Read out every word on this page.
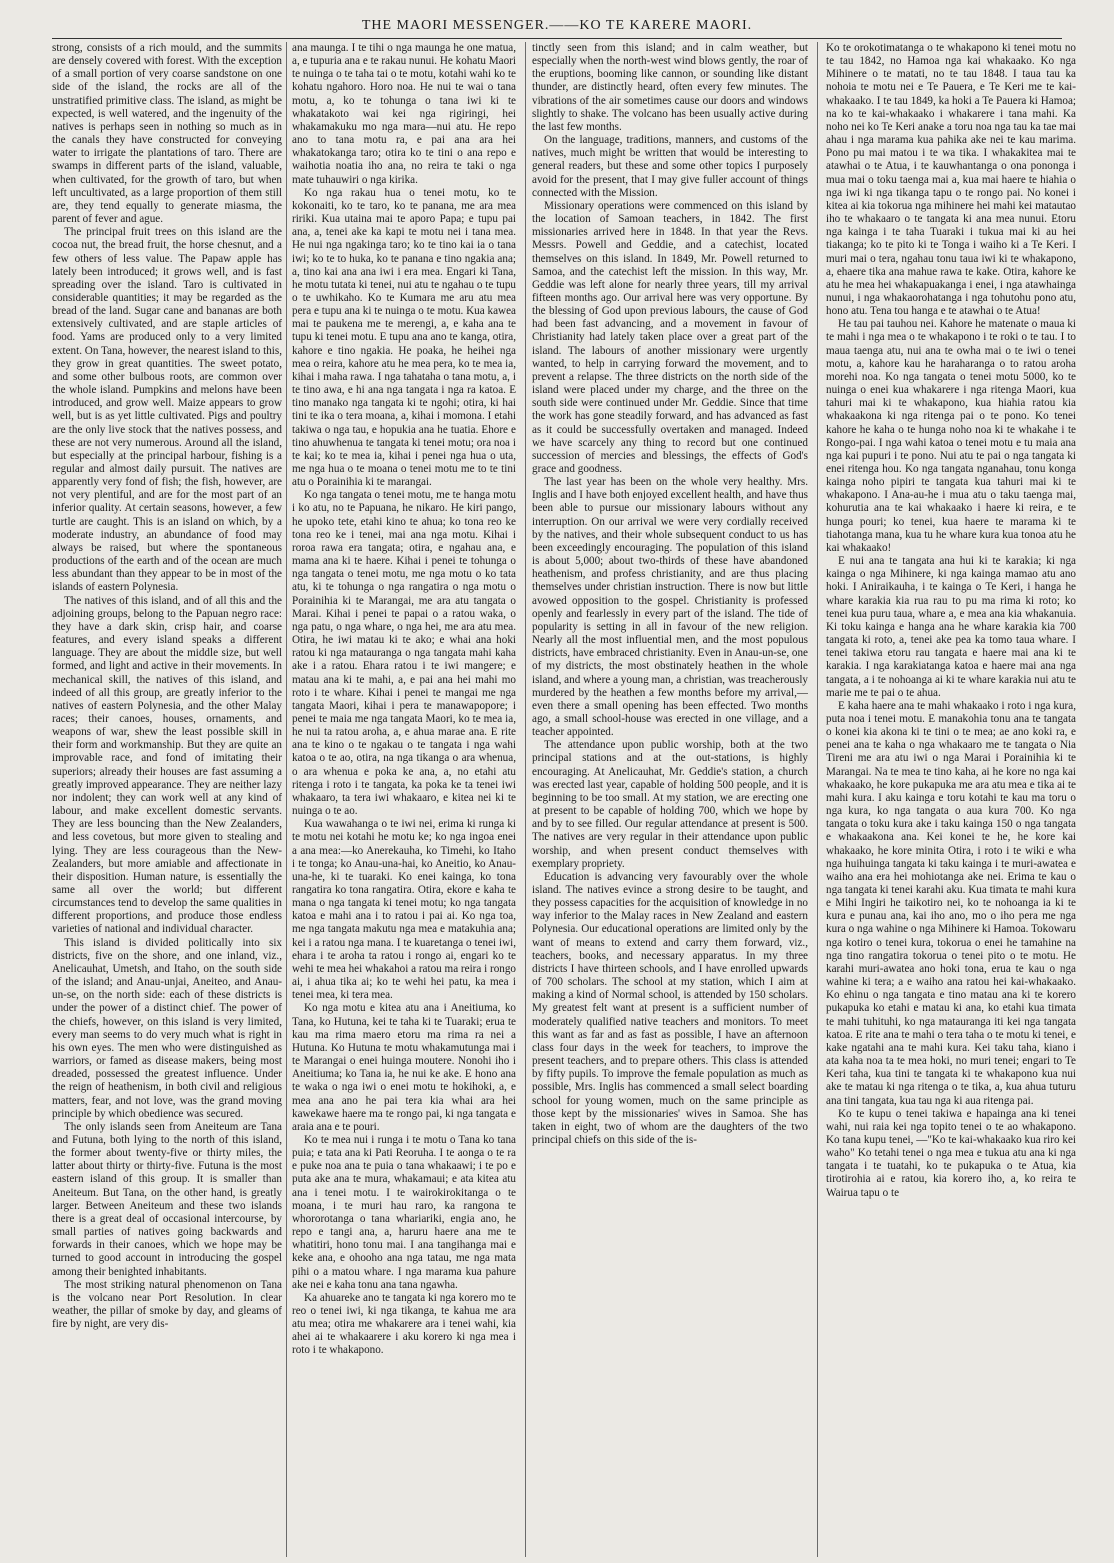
THE MAORI MESSENGER.——KO TE KARERE MAORI.

strong, consists of a rich mould, and the summits are densely covered with forest. With the exception of a small portion of very coarse sandstone on one side of the island, the rocks are all of the unstratified primitive class. The island, as might be expected, is well watered, and the ingenuity of the natives is perhaps seen in nothing so much as in the canals they have constructed for conveying water to irrigate the plantations of taro. There are swamps in different parts of the island, valuable, when cultivated, for the growth of taro, but when left uncultivated, as a large proportion of them still are, they tend equally to generate miasma, the parent of fever and ague.

The principal fruit trees on this island are the cocoa nut, the bread fruit, the horse chesnut, and a few others of less value. The Papaw apple has lately been introduced; it grows well, and is fast spreading over the island. Taro is cultivated in considerable quantities; it may be regarded as the bread of the land. Sugar cane and bananas are both extensively cultivated, and are staple articles of food. Yams are produced only to a very limited extent. On Tana, however, the nearest island to this, they grow in great quantities. The sweet potato, and some other bulbous roots, are common over the whole island. Pumpkins and melons have been introduced, and grow well. Maize appears to grow well, but is as yet little cultivated. Pigs and poultry are the only live stock that the natives possess, and these are not very numerous. Around all the island, but especially at the principal harbour, fishing is a regular and almost daily pursuit. The natives are apparently very fond of fish; the fish, however, are not very plentiful, and are for the most part of an inferior quality. At certain seasons, however, a few turtle are caught. This is an island on which, by a moderate industry, an abundance of food may always be raised, but where the spontaneous productions of the earth and of the ocean are much less abundant than they appear to be in most of the islands of eastern Polynesia.

The natives of this island, and of all this and the adjoining groups, belong to the Papuan negro race: they have a dark skin, crisp hair, and coarse features, and every island speaks a different language. They are about the middle size, but well formed, and light and active in their movements. In mechanical skill, the natives of this island, and indeed of all this group, are greatly inferior to the natives of eastern Polynesia, and the other Malay races; their canoes, houses, ornaments, and weapons of war, shew the least possible skill in their form and workmanship. But they are quite an improvable race, and fond of imitating their superiors; already their houses are fast assuming a greatly improved appearance. They are neither lazy nor indolent; they can work well at any kind of labour, and make excellent domestic servants. They are less bouncing than the New Zealanders, and less covetous, but more given to stealing and lying. They are less courageous than the New-Zealanders, but more amiable and affectionate in their disposition. Human nature, is essentially the same all over the world; but different circumstances tend to develop the same qualities in different proportions, and produce those endless varieties of national and individual character.

This island is divided politically into six districts, five on the shore, and one inland, viz., Anelicauhat, Umetsh, and Itaho, on the south side of the island; and Anau-unjai, Aneiteo, and Anau-un-se, on the north side: each of these districts is under the power of a distinct chief. The power of the chiefs, however, on this island is very limited, every man seems to do very much what is right in his own eyes. The men who were distinguished as warriors, or famed as disease makers, being most dreaded, possessed the greatest influence. Under the reign of heathenism, in both civil and religious matters, fear, and not love, was the grand moving principle by which obedience was secured.

The only islands seen from Aneiteum are Tana and Futuna, both lying to the north of this island, the former about twenty-five or thirty miles, the latter about thirty or thirty-five. Futuna is the most eastern island of this group. It is smaller than Aneiteum. But Tana, on the other hand, is greatly larger. Between Aneiteum and these two islands there is a great deal of occasional intercourse, by small parties of natives going backwards and forwards in their canoes, which we hope may be turned to good account in introducing the gospel among their benighted inhabitants.

The most striking natural phenomenon on Tana is the volcano near Port Resolution. In clear weather, the pillar of smoke by day, and gleams of fire by night, are very dis-

ana maunga. I te tihi o nga maunga he one matua, a, e tupuria ana e te rakau nunui. He kohatu Maori te nuinga o te taha tai o te motu, kotahi wahi ko te kohatu ngahoro. Horo noa. He nui te wai o tana motu, a, ko te tohunga o tana iwi ki te whakatakoto wai kei nga rigiringi, hei whakamakuku mo nga mara—nui atu. He repo ano to tana motu ra, e pai ana ara hei whakatokanga taro; otira ko te tini o ana repo e waihotia noatia iho ana, no reira te taki o nga mate tuhauwiri o nga kirika.

Ko nga rakau hua o tenei motu, ko te kokonaiti, ko te taro, ko te panana, me ara mea ririki. Kua utaina mai te aporo Papa; e tupu pai ana, a, tenei ake ka kapi te motu nei i tana mea. He nui nga ngakinga taro; ko te tino kai ia o tana iwi; ko te to huka, ko te panana e tino ngakia ana; a, tino kai ana ana iwi i era mea. Engari ki Tana, he motu tutata ki tenei, nui atu te ngahau o te tupu o te uwhikaho. Ko te Kumara me aru atu mea pera e tupu ana ki te nuinga o te motu. Kua kawea mai te paukena me te merengi, a, e kaha ana te tupu ki tenei motu. E tupu ana ano te kanga, otira, kahore e tino ngakia. He poaka, he heihei nga mea o reira, kahore atu he mea pera, ko te mea ia, kihai i maha rawa. I nga tahataha o tana motu, a, i te tino awa, e hi ana nga tangata i nga ra katoa. E tino manako nga tangata ki te ngohi; otira, ki hai tini te ika o tera moana, a, kihai i momona. I etahi takiwa o nga tau, e hopukia ana he tuatia. Ehore e tino ahuwhenua te tangata ki tenei motu; ora noa i te kai; ko te mea ia, kihai i penei nga hua o uta, me nga hua o te moana o tenei motu me to te tini atu o Porainihia ki te marangai.

Ko nga tangata o tenei motu, me te hanga motu i ko atu, no te Papuana, he nikaro. He kiri pango, he upoko tete, etahi kino te ahua; ko tona reo ke tona reo ke i tenei, mai ana nga motu. Kihai i roroa rawa era tangata; otira, e ngahau ana, e mama ana ki te haere. Kihai i penei te tohunga o nga tangata o tenei motu, me nga motu o ko tata atu, ki te tohunga o nga rangatira o nga motu o Porainihia ki te Marangai, me ara atu tangata o Marai. Kihai i penei te papai o a ratou waka, o nga patu, o nga whare, o nga hei, me ara atu mea. Otira, he iwi matau ki te ako; e whai ana hoki ratou ki nga matauranga o nga tangata mahi kaha ake i a ratou. Ehara ratou i te iwi mangere; e matau ana ki te mahi, a, e pai ana hei mahi mo roto i te whare. Kihai i penei te mangai me nga tangata Maori, kihai i pera te manawapopore; i penei te maia me nga tangata Maori, ko te mea ia, he nui ta ratou aroha, a, e ahua marae ana. E rite ana te kino o te ngakau o te tangata i nga wahi katoa o te ao, otira, na nga tikanga o ara whenua, o ara whenua e poka ke ana, a, no etahi atu ritenga i roto i te tangata, ka poka ke ta tenei iwi whakaaro, ta tera iwi whakaaro, e kitea nei ki te nuinga o te ao.

Kua wawahanga o te iwi nei, erima ki runga ki te motu nei kotahi he motu ke; ko nga ingoa enei a ana mea:—ko Anerekauha, ko Timehi, ko Itaho i te tonga; ko Anau-una-hai, ko Aneitio, ko Anau-una-he, ki te tuaraki. Ko enei kainga, ko tona rangatira ko tona rangatira. Otira, ekore e kaha te mana o nga tangata ki tenei motu; ko nga tangata katoa e mahi ana i to ratou i pai ai. Ko nga toa, me nga tangata makutu nga mea e matakuhia ana; kei i a ratou nga mana. I te kuaretanga o tenei iwi, ehara i te aroha ta ratou i rongo ai, engari ko te wehi te mea hei whakahoi a ratou ma reira i rongo ai, i ahua tika ai; ko te wehi hei patu, ka mea i tenei mea, ki tera mea.

Ko nga motu e kitea atu ana i Aneitiuma, ko Tana, ko Hutuna, kei te taha ki te Tuaraki; erua te kau ma rima maero etoru ma rima ra nei a Hutuna. Ko Hutuna te motu whakamutunga mai i te Marangai o enei huinga moutere. Nonohi iho i Aneitiuma; ko Tana ia, he nui ke ake. E hono ana te waka o nga iwi o enei motu te hokihoki, a, e mea ana ano he pai tera kia whai ara hei kawekawe haere ma te rongo pai, ki nga tangata e araia ana e te pouri.

Ko te mea nui i runga i te motu o Tana ko tana puia; e tata ana ki Pati Reoruha. I te aonga o te ra e puke noa ana te puia o tana whakaawi; i te po e puta ake ana te mura, whakamaui; e ata kitea atu ana i tenei motu. I te wairokirokitanga o te moana, i te muri hau raro, ka rangona te whororotanga o tana whariariki, engia ano, he repo e tangi ana, a, haruru haere ana me te whatitiri, hono tonu mai. I ana tangihanga mai e keke ana, e ohooho ana nga tatau, me nga mata pihi o a matou whare. I nga marama kua pahure ake nei e kaha tonu ana tana ngawha.

Ka ahuareke ano te tangata ki nga korero mo te reo o tenei iwi, ki nga tikanga, te kahua me ara atu mea; otira me whakarere ara i tenei wahi, kia ahei ai te whakaarere i aku korero ki nga mea i roto i te whakapono.

tinctly seen from this island; and in calm weather, but especially when the north-west wind blows gently, the roar of the eruptions, booming like cannon, or sounding like distant thunder, are distinctly heard, often every few minutes. The vibrations of the air sometimes cause our doors and windows slightly to shake. The volcano has been usually active during the last few months.

On the language, traditions, manners, and customs of the natives, much might be written that would be interesting to general readers, but these and some other topics I purposely avoid for the present, that I may give fuller account of things connected with the Mission.

Missionary operations were commenced on this island by the location of Samoan teachers, in 1842. The first missionaries arrived here in 1848. In that year the Revs. Messrs. Powell and Geddie, and a catechist, located themselves on this island. In 1849, Mr. Powell returned to Samoa, and the catechist left the mission. In this way, Mr. Geddie was left alone for nearly three years, till my arrival fifteen months ago. Our arrival here was very opportune. By the blessing of God upon previous labours, the cause of God had been fast advancing, and a movement in favour of Christianity had lately taken place over a great part of the island. The labours of another missionary were urgently wanted, to help in carrying forward the movement, and to prevent a relapse. The three districts on the north side of the island were placed under my charge, and the three on the south side were continued under Mr. Geddie. Since that time the work has gone steadily forward, and has advanced as fast as it could be successfully overtaken and managed. Indeed we have scarcely any thing to record but one continued succession of mercies and blessings, the effects of God's grace and goodness.

The last year has been on the whole very healthy. Mrs. Inglis and I have both enjoyed excellent health, and have thus been able to pursue our missionary labours without any interruption. On our arrival we were very cordially received by the natives, and their whole subsequent conduct to us has been exceedingly encouraging. The population of this island is about 5,000; about two-thirds of these have abandoned heathenism, and profess christianity, and are thus placing themselves under christian instruction. There is now but little avowed opposition to the gospel. Christianity is professed openly and fearlessly in every part of the island. The tide of popularity is setting in all in favour of the new religion. Nearly all the most influential men, and the most populous districts, have embraced christianity. Even in Anau-un-se, one of my districts, the most obstinately heathen in the whole island, and where a young man, a christian, was treacherously murdered by the heathen a few months before my arrival,—even there a small opening has been effected. Two months ago, a small school-house was erected in one village, and a teacher appointed.

The attendance upon public worship, both at the two principal stations and at the out-stations, is highly encouraging. At Anelicauhat, Mr. Geddie's station, a church was erected last year, capable of holding 500 people, and it is beginning to be too small. At my station, we are erecting one at present to be capable of holding 700, which we hope by and by to see filled. Our regular attendance at present is 500. The natives are very regular in their attendance upon public worship, and when present conduct themselves with exemplary propriety.

Education is advancing very favourably over the whole island. The natives evince a strong desire to be taught, and they possess capacities for the acquisition of knowledge in no way inferior to the Malay races in New Zealand and eastern Polynesia. Our educational operations are limited only by the want of means to extend and carry them forward, viz., teachers, books, and necessary apparatus. In my three districts I have thirteen schools, and I have enrolled upwards of 700 scholars. The school at my station, which I aim at making a kind of Normal school, is attended by 150 scholars. My greatest felt want at present is a sufficient number of moderately qualified native teachers and monitors. To meet this want as far and as fast as possible, I have an afternoon class four days in the week for teachers, to improve the present teachers, and to prepare others. This class is attended by fifty pupils. To improve the female population as much as possible, Mrs. Inglis has commenced a small select boarding school for young women, much on the same principle as those kept by the missionaries' wives in Samoa. She has taken in eight, two of whom are the daughters of the two principal chiefs on this side of the is-

Ko te orokotimatanga o te whakapono ki tenei motu no te tau 1842, no Hamoa nga kai whakaako. Ko nga Mihinere o te matati, no te tau 1848. I taua tau ka nohoia te motu nei e Te Pauera, e Te Keri me te kai-whakaako. I te tau 1849, ka hoki a Te Pauera ki Hamoa; na ko te kai-whakaako i whakarere i tana mahi. Ka noho nei ko Te Keri anake a toru noa nga tau ka tae mai ahau i nga marama kua pahika ake nei te kau marima. Pono pu mai matou i te wa tika. I whakakitea mai te atawhai o te Atua, i te kauwhantanga o ona pononga i mua mai o toku taenga mai a, kua mai haere te hiahia o nga iwi ki nga tikanga tapu o te rongo pai. No konei i kitea ai kia tokorua nga mihinere hei mahi kei matautao iho te whakaaro o te tangata ki ana mea nunui. Etoru nga kainga i te taha Tuaraki i tukua mai ki au hei tiakanga; ko te pito ki te Tonga i waiho ki a Te Keri. I muri mai o tera, ngahau tonu taua iwi ki te whakapono, a, ehaere tika ana mahue rawa te kake. Otira, kahore ke atu he mea hei whakapuakanga i enei, i nga atawhainga nunui, i nga whakaorohatanga i nga tohutohu pono atu, hono atu. Tena tou hanga e te atawhai o te Atua!

He tau pai tauhou nei. Kahore he matenate o maua ki te mahi i nga mea o te whakapono i te roki o te tau. I to maua taenga atu, nui ana te owha mai o te iwi o tenei motu, a, kahore kau he haraharanga o to ratou aroha morehi noa. Ko nga tangata o tenei motu 5000, ko te nuinga o enei kua whakarere i nga ritenga Maori, kua tahuri mai ki te whakapono, kua hiahia ratou kia whakaakona ki nga ritenga pai o te pono. Ko tenei kahore he kaha o te hunga noho noa ki te whakahe i te Rongo-pai. I nga wahi katoa o tenei motu e tu maia ana nga kai pupuri i te pono. Nui atu te pai o nga tangata ki enei ritenga hou. Ko nga tangata nganahau, tonu konga kainga noho pipiri te tangata kua tahuri mai ki te whakapono. I Ana-au-he i mua atu o taku taenga mai, kohurutia ana te kai whakaako i haere ki reira, e te hunga pouri; ko tenei, kua haere te marama ki te tiahotanga mana, kua tu he whare kura kua tonoa atu he kai whakaako!

E nui ana te tangata ana hui ki te karakia; ki nga kainga o nga Mihinere, ki nga kainga mamao atu ano hoki. I Aniraikauha, i te kainga o Te Keri, i hanga he whare karakia kia rua rau to pu ma rima ki roto; ko tenei kua puru taua, whare a, e mea ana kia whakanuia. Ki toku kainga e hanga ana he whare karakia kia 700 tangata ki roto, a, tenei ake pea ka tomo taua whare. I tenei takiwa etoru rau tangata e haere mai ana ki te karakia. I nga karakiatanga katoa e haere mai ana nga tangata, a i te nohoanga ai ki te whare karakia nui atu te marie me te pai o te ahua.

E kaha haere ana te mahi whakaako i roto i nga kura, puta noa i tenei motu. E manakohia tonu ana te tangata o konei kia akona ki te tini o te mea; ae ano koki ra, e penei ana te kaha o nga whakaaro me te tangata o Nia Tireni me ara atu iwi o nga Marai i Porainihia ki te Marangai. Na te mea te tino kaha, ai he kore no nga kai whakaako, he kore pukapuka me ara atu mea e tika ai te mahi kura. I aku kainga e toru kotahi te kau ma toru o nga kura, ko nga tangata o aua kura 700. Ko nga tangata o toku kura ake i taku kainga 150 o nga tangata e whakaakona ana. Kei konei te he, he kore kai whakaako, he kore minita Otira, i roto i te wiki e wha nga huihuinga tangata ki taku kainga i te muri-awatea e waiho ana era hei mohiotanga ake nei. Erima te kau o nga tangata ki tenei karahi aku. Kua timata te mahi kura e Mihi Ingiri he taikotiro nei, ko te nohoanga ia ki te kura e punau ana, kai iho ano, mo o iho pera me nga kura o nga wahine o nga Mihinere ki Hamoa. Tokowaru nga kotiro o tenei kura, tokorua o enei he tamahine na nga tino rangatira tokorua o tenei pito o te motu. He karahi muri-awatea ano hoki tona, erua te kau o nga wahine ki tera; a e waiho ana ratou hei kai-whakaako. Ko ehinu o nga tangata e tino matau ana ki te korero pukapuka ko etahi e matau ki ana, ko etahi kua timata te mahi tuhituhi, ko nga matauranga iti kei nga tangata katoa. E rite ana te mahi o tera taha o te motu ki tenei, e kake ngatahi ana te mahi kura. Kei taku taha, kiano i ata kaha noa ta te mea hoki, no muri tenei; engari to Te Keri taha, kua tini te tangata ki te whakapono kua nui ake te matau ki nga ritenga o te tika, a, kua ahua tuturu ana tini tangata, kua tau nga ki aua ritenga pai.

Ko te kupu o tenei takiwa e hapainga ana ki tenei wahi, nui raia kei nga topito tenei o te ao whakapono. Ko tana kupu tenei, —"Ko te kai-whakaako kua riro kei waho" Ko tetahi tenei o nga mea e tukua atu ana ki nga tangata i te tuatahi, ko te pukapuka o te Atua, kia tirotirohia ai e ratou, kia korero iho, a, ko reira te Wairua tapu o te
